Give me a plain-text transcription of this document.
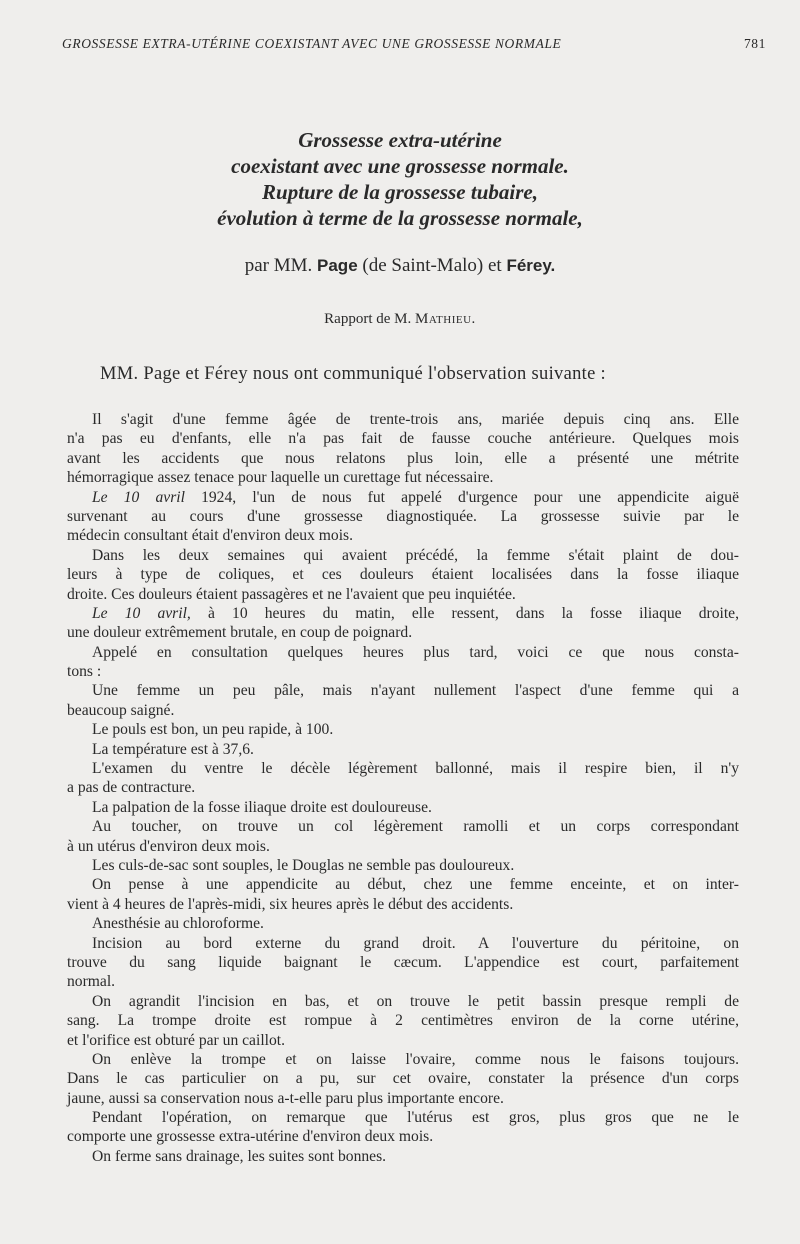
GROSSESSE EXTRA-UTÉRINE COEXISTANT AVEC UNE GROSSESSE NORMALE	781
Grossesse extra-utérine
coexistant avec une grossesse normale.
Rupture de la grossesse tubaire,
évolution à terme de la grossesse normale,
par MM. Page (de Saint-Malo) et Férey.
Rapport de M. Mathieu.
MM. Page et Férey nous ont communiqué l'observation suivante :
Il s'agit d'une femme âgée de trente-trois ans, mariée depuis cinq ans. Elle
n'a pas eu d'enfants, elle n'a pas fait de fausse couche antérieure. Quelques mois
avant les accidents que nous relatons plus loin, elle a présenté une métrite
hémorragique assez tenace pour laquelle un curettage fut nécessaire.
Le 10 avril 1924, l'un de nous fut appelé d'urgence pour une appendicite aiguë
survenant au cours d'une grossesse diagnostiquée. La grossesse suivie par le
médecin consultant était d'environ deux mois.
Dans les deux semaines qui avaient précédé, la femme s'était plaint de dou-
leurs à type de coliques, et ces douleurs étaient localisées dans la fosse iliaque
droite. Ces douleurs étaient passagères et ne l'avaient que peu inquiétée.
Le 10 avril, à 10 heures du matin, elle ressent, dans la fosse iliaque droite,
une douleur extrêmement brutale, en coup de poignard.
Appelé en consultation quelques heures plus tard, voici ce que nous consta-
tons :
Une femme un peu pâle, mais n'ayant nullement l'aspect d'une femme qui a
beaucoup saigné.
Le pouls est bon, un peu rapide, à 100.
La température est à 37,6.
L'examen du ventre le décèle légèrement ballonné, mais il respire bien, il n'y
a pas de contracture.
La palpation de la fosse iliaque droite est douloureuse.
Au toucher, on trouve un col légèrement ramolli et un corps correspondant
à un utérus d'environ deux mois.
Les culs-de-sac sont souples, le Douglas ne semble pas douloureux.
On pense à une appendicite au début, chez une femme enceinte, et on inter-
vient à 4 heures de l'après-midi, six heures après le début des accidents.
Anesthésie au chloroforme.
Incision au bord externe du grand droit. A l'ouverture du péritoine, on
trouve du sang liquide baignant le cæcum. L'appendice est court, parfaitement
normal.
On agrandit l'incision en bas, et on trouve le petit bassin presque rempli de
sang. La trompe droite est rompue à 2 centimètres environ de la corne utérine,
et l'orifice est obturé par un caillot.
On enlève la trompe et on laisse l'ovaire, comme nous le faisons toujours.
Dans le cas particulier on a pu, sur cet ovaire, constater la présence d'un corps
jaune, aussi sa conservation nous a-t-elle paru plus importante encore.
Pendant l'opération, on remarque que l'utérus est gros, plus gros que ne le
comporte une grossesse extra-utérine d'environ deux mois.
On ferme sans drainage, les suites sont bonnes.
